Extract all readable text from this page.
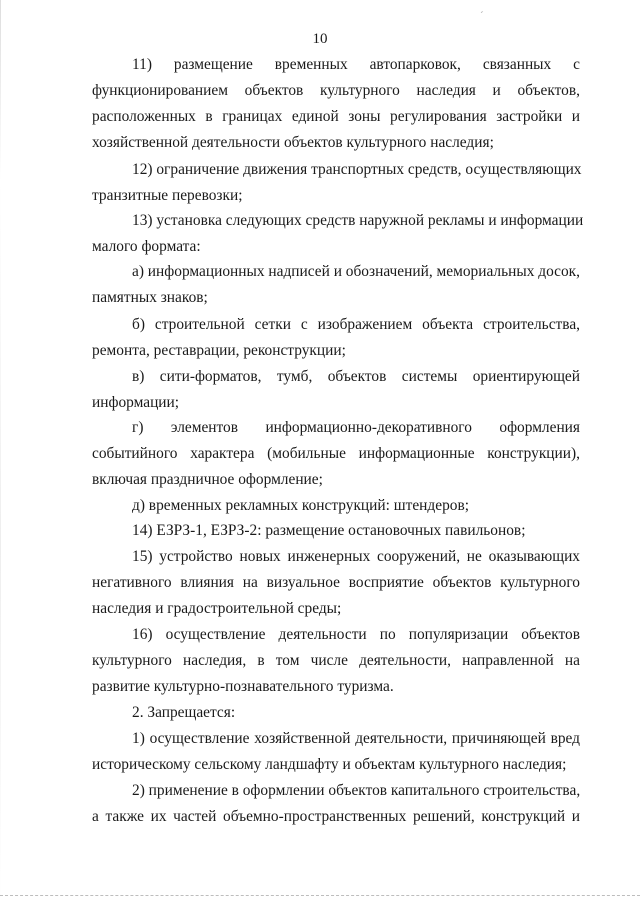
ˊ
10
11) размещение временных автопарковок, связанных с
функционированием объектов культурного наследия и объектов,
расположенных в границах единой зоны регулирования застройки и
хозяйственной деятельности объектов культурного наследия;
12) ограничение движения транспортных средств, осуществляющих
транзитные перевозки;
13) установка следующих средств наружной рекламы и информации
малого формата:
а) информационных надписей и обозначений, мемориальных досок,
памятных знаков;
б) строительной сетки с изображением объекта строительства,
ремонта, реставрации, реконструкции;
в) сити-форматов, тумб, объектов системы ориентирующей
информации;
г) элементов информационно-декоративного оформления
событийного характера (мобильные информационные конструкции),
включая праздничное оформление;
д) временных рекламных конструкций: штендеров;
14) ЕЗРЗ-1, ЕЗРЗ-2: размещение остановочных павильонов;
15) устройство новых инженерных сооружений, не оказывающих
негативного влияния на визуальное восприятие объектов культурного
наследия и градостроительной среды;
16) осуществление деятельности по популяризации объектов
культурного наследия, в том числе деятельности, направленной на
развитие культурно-познавательного туризма.
2. Запрещается:
1) осуществление хозяйственной деятельности, причиняющей вред
историческому сельскому ландшафту и объектам культурного наследия;
2) применение в оформлении объектов капитального строительства,
а также их частей объемно-пространственных решений, конструкций и
